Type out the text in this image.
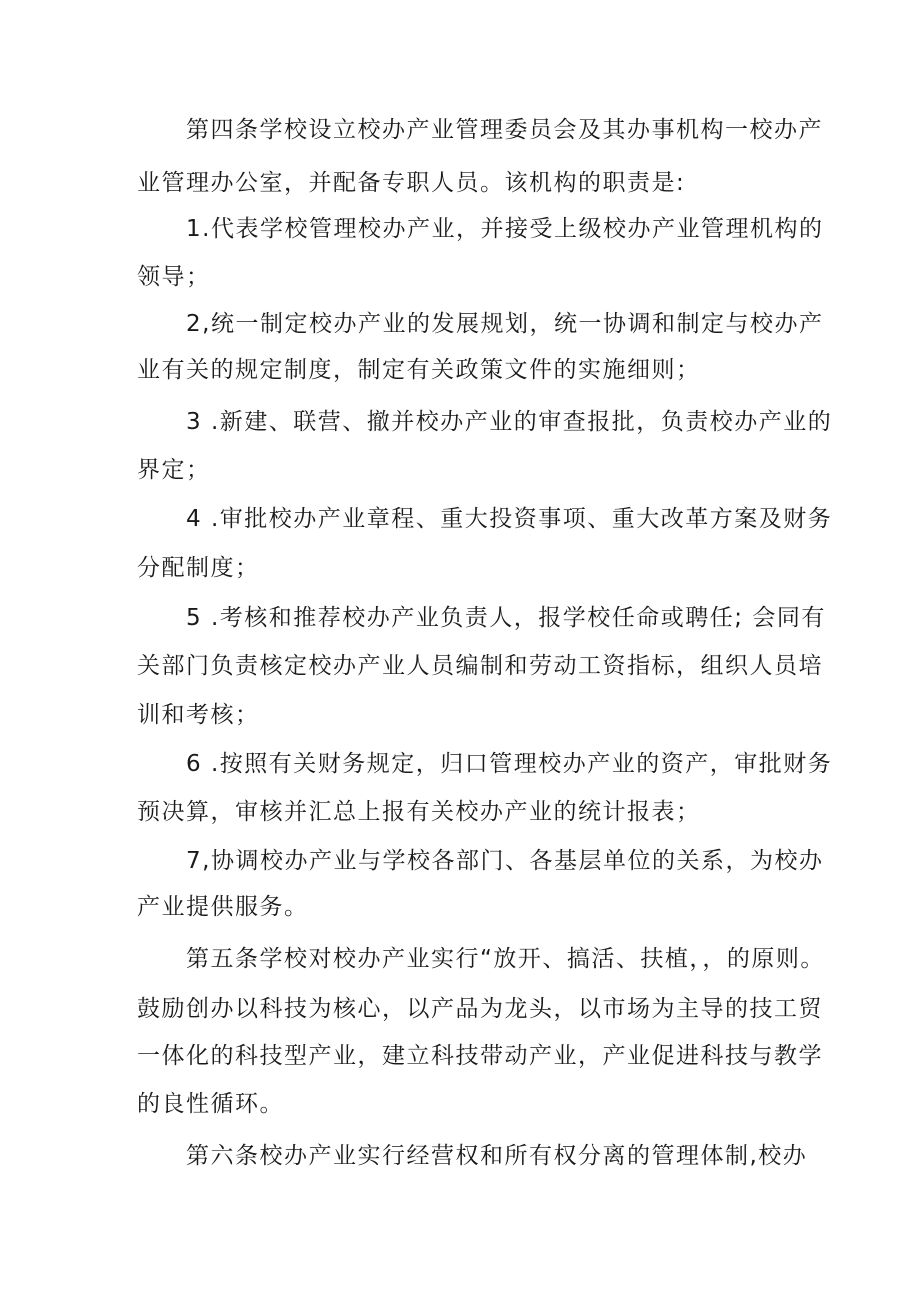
第四条学校设立校办产业管理委员会及其办事机构一校办产
业管理办公室，并配备专职人员。该机构的职责是:
1.代表学校管理校办产业，并接受上级校办产业管理机构的
领导；
2,统一制定校办产业的发展规划，统一协调和制定与校办产
业有关的规定制度，制定有关政策文件的实施细则；
3 .新建、联营、撤并校办产业的审查报批，负责校办产业的
界定；
4 .审批校办产业章程、重大投资事项、重大改革方案及财务
分配制度；
5 .考核和推荐校办产业负责人，报学校任命或聘任; 会同有
关部门负责核定校办产业人员编制和劳动工资指标，组织人员培
训和考核；
6 .按照有关财务规定，归口管理校办产业的资产，审批财务
预决算，审核并汇总上报有关校办产业的统计报表；
7,协调校办产业与学校各部门、各基层单位的关系，为校办
产业提供服务。
第五条学校对校办产业实行“放开、搞活、扶植，，的原则。
鼓励创办以科技为核心，以产品为龙头，以市场为主导的技工贸
一体化的科技型产业，建立科技带动产业，产业促进科技与教学
的良性循环。
第六条校办产业实行经营权和所有权分离的管理体制,校办
